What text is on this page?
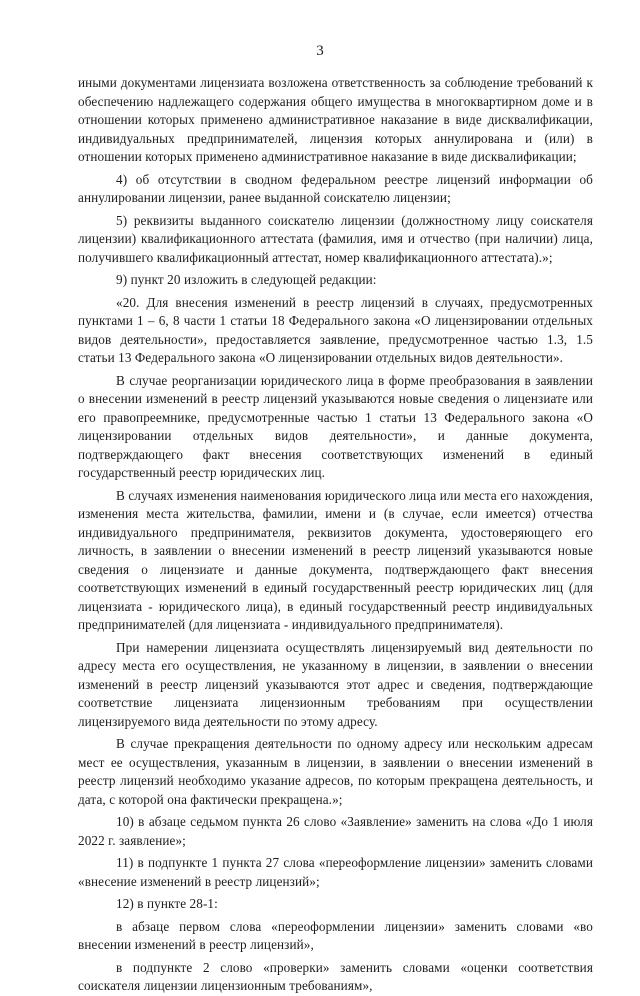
3

иными документами лицензиата возложена ответственность за соблюдение требований к обеспечению надлежащего содержания общего имущества в многоквартирном доме и в отношении которых применено административное наказание в виде дисквалификации, индивидуальных предпринимателей, лицензия которых аннулирована и (или) в отношении которых применено административное наказание в виде дисквалификации;

4) об отсутствии в сводном федеральном реестре лицензий информации об аннулировании лицензии, ранее выданной соискателю лицензии;

5) реквизиты выданного соискателю лицензии (должностному лицу соискателя лицензии) квалификационного аттестата (фамилия, имя и отчество (при наличии) лица, получившего квалификационный аттестат, номер квалификационного аттестата).»;

9) пункт 20 изложить в следующей редакции:

«20. Для внесения изменений в реестр лицензий в случаях, предусмотренных пунктами 1 – 6, 8 части 1 статьи 18 Федерального закона «О лицензировании отдельных видов деятельности», предоставляется заявление, предусмотренное частью 1.3, 1.5 статьи 13 Федерального закона «О лицензировании отдельных видов деятельности».

В случае реорганизации юридического лица в форме преобразования в заявлении о внесении изменений в реестр лицензий указываются новые сведения о лицензиате или его правопреемнике, предусмотренные частью 1 статьи 13 Федерального закона «О лицензировании отдельных видов деятельности», и данные документа, подтверждающего факт внесения соответствующих изменений в единый государственный реестр юридических лиц.

В случаях изменения наименования юридического лица или места его нахождения, изменения места жительства, фамилии, имени и (в случае, если имеется) отчества индивидуального предпринимателя, реквизитов документа, удостоверяющего его личность, в заявлении о внесении изменений в реестр лицензий указываются новые сведения о лицензиате и данные документа, подтверждающего факт внесения соответствующих изменений в единый государственный реестр юридических лиц (для лицензиата - юридического лица), в единый государственный реестр индивидуальных предпринимателей (для лицензиата - индивидуального предпринимателя).

При намерении лицензиата осуществлять лицензируемый вид деятельности по адресу места его осуществления, не указанному в лицензии, в заявлении о внесении изменений в реестр лицензий указываются этот адрес и сведения, подтверждающие соответствие лицензиата лицензионным требованиям при осуществлении лицензируемого вида деятельности по этому адресу.

В случае прекращения деятельности по одному адресу или нескольким адресам мест ее осуществления, указанным в лицензии, в заявлении о внесении изменений в реестр лицензий необходимо указание адресов, по которым прекращена деятельность, и дата, с которой она фактически прекращена.»;

10) в абзаце седьмом пункта 26 слово «Заявление» заменить на слова «До 1 июля 2022 г. заявление»;

11) в подпункте 1 пункта 27 слова «переоформление лицензии» заменить словами «внесение изменений в реестр лицензий»;

12) в пункте 28-1:

в абзаце первом слова «переоформлении лицензии» заменить словами «во внесении изменений в реестр лицензий»,

в подпункте 2 слово «проверки» заменить словами «оценки соответствия соискателя лицензии лицензионным требованиям»,
